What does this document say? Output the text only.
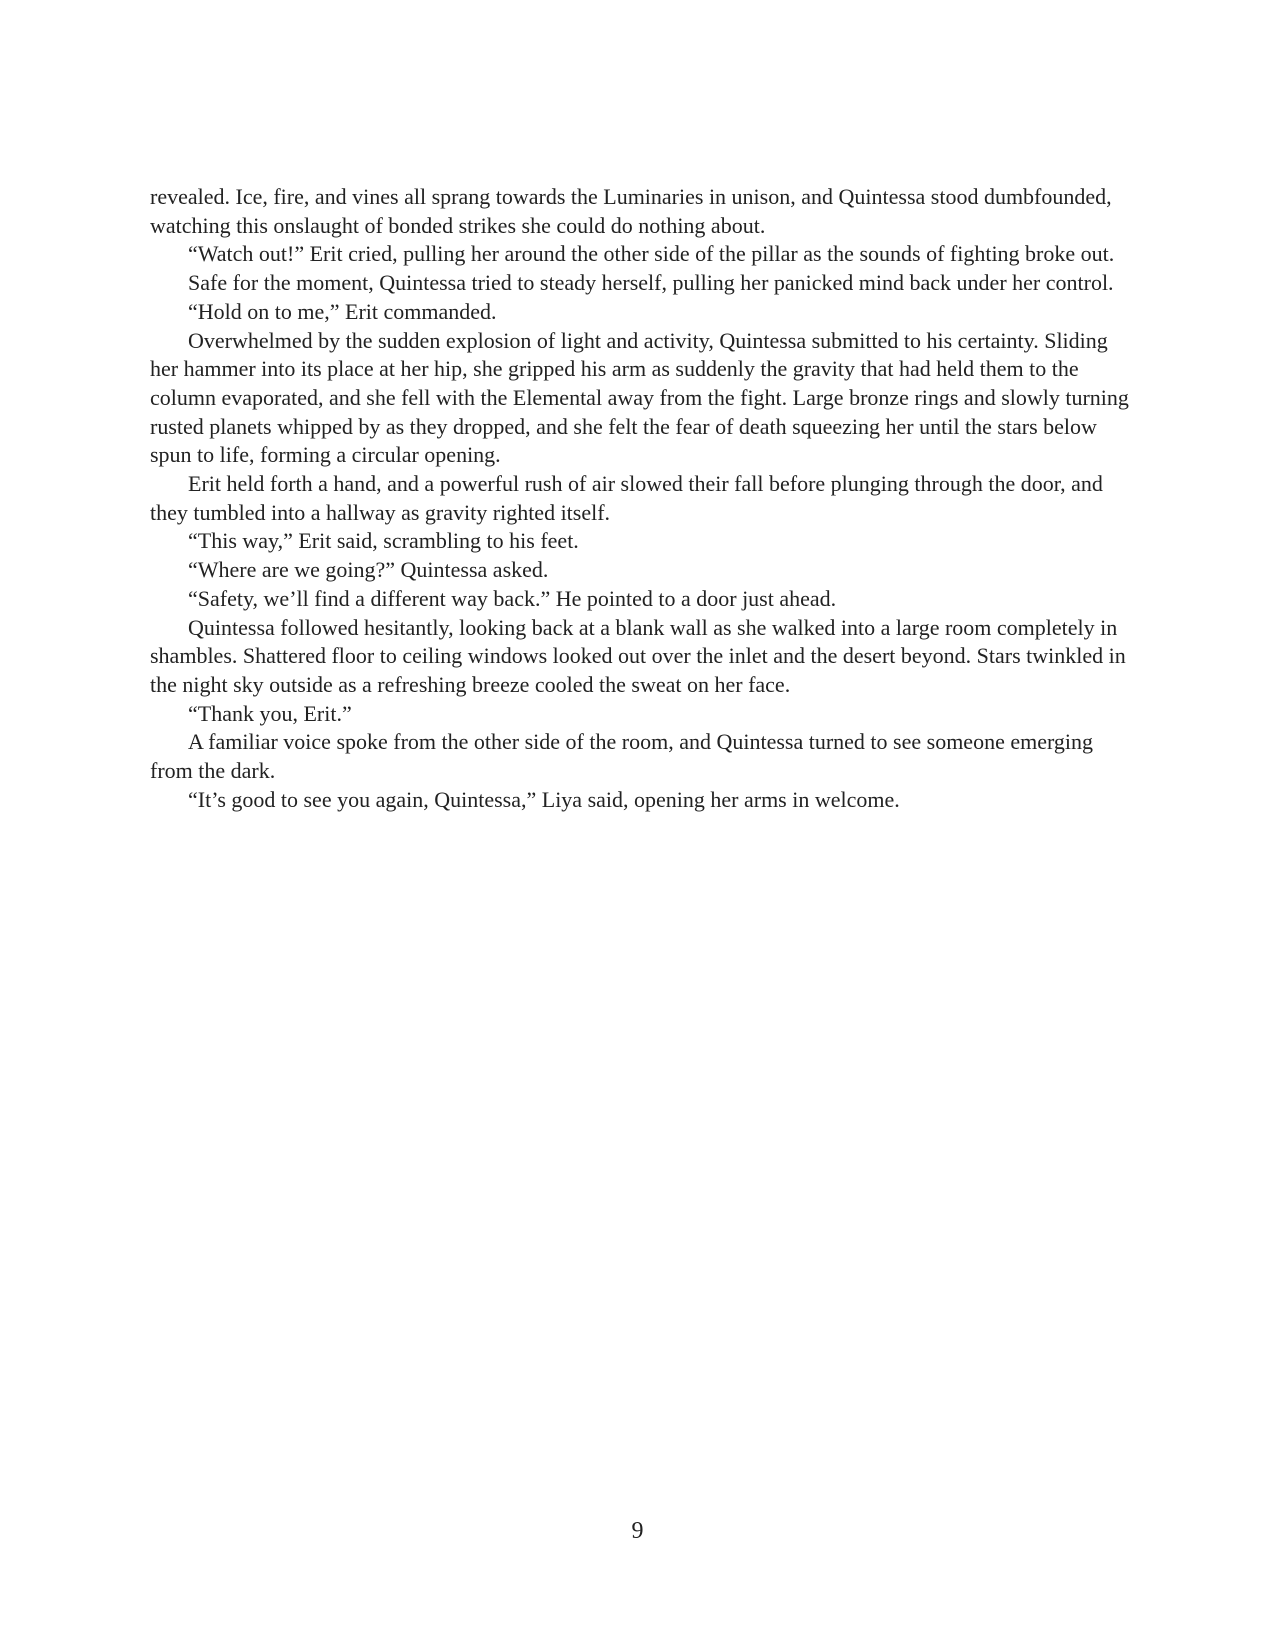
revealed. Ice, fire, and vines all sprang towards the Luminaries in unison, and Quintessa stood dumbfounded, watching this onslaught of bonded strikes she could do nothing about.

“Watch out!” Erit cried, pulling her around the other side of the pillar as the sounds of fighting broke out.

Safe for the moment, Quintessa tried to steady herself, pulling her panicked mind back under her control.

“Hold on to me,” Erit commanded.

Overwhelmed by the sudden explosion of light and activity, Quintessa submitted to his certainty. Sliding her hammer into its place at her hip, she gripped his arm as suddenly the gravity that had held them to the column evaporated, and she fell with the Elemental away from the fight. Large bronze rings and slowly turning rusted planets whipped by as they dropped, and she felt the fear of death squeezing her until the stars below spun to life, forming a circular opening.

Erit held forth a hand, and a powerful rush of air slowed their fall before plunging through the door, and they tumbled into a hallway as gravity righted itself.

“This way,” Erit said, scrambling to his feet.

“Where are we going?” Quintessa asked.

“Safety, we’ll find a different way back.” He pointed to a door just ahead.

Quintessa followed hesitantly, looking back at a blank wall as she walked into a large room completely in shambles. Shattered floor to ceiling windows looked out over the inlet and the desert beyond. Stars twinkled in the night sky outside as a refreshing breeze cooled the sweat on her face.

“Thank you, Erit.”

A familiar voice spoke from the other side of the room, and Quintessa turned to see someone emerging from the dark.

“It’s good to see you again, Quintessa,” Liya said, opening her arms in welcome.

9
